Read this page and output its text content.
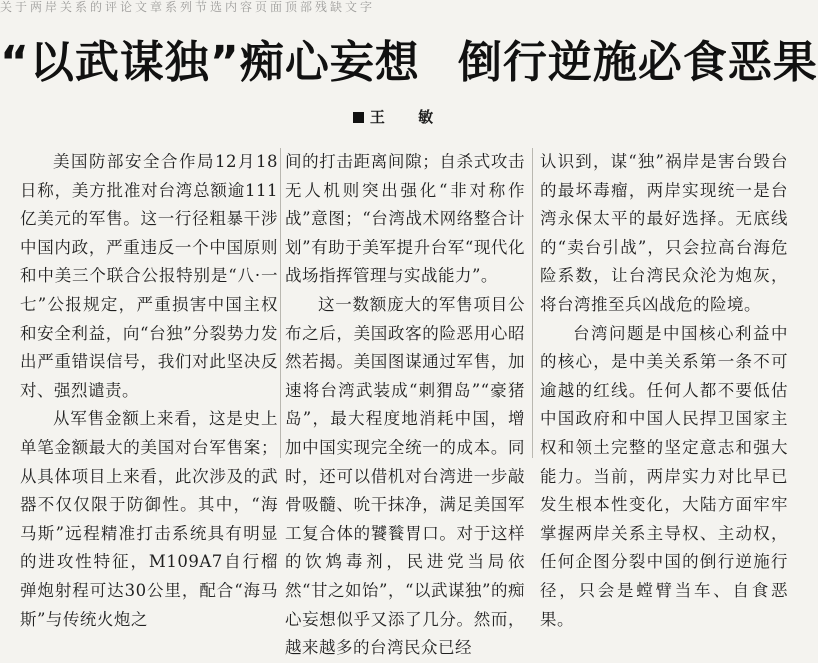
关于两岸关系的评论文章系列节选内容页面顶部残缺文字
“以武谋独”痴心妄想 倒行逆施必食恶果
王 敏

美国防部安全合作局12月18日称，美方批准对台湾总额逾111亿美元的军售。这一行径粗暴干涉中国内政，严重违反一个中国原则和中美三个联合公报特别是“八·一七”公报规定，严重损害中国主权和安全利益，向“台独”分裂势力发出严重错误信号，我们对此坚决反对、强烈谴责。

从军售金额上来看，这是史上单笔金额最大的美国对台军售案；从具体项目上来看，此次涉及的武器不仅仅限于防御性。其中，“海马斯”远程精准打击系统具有明显的进攻性特征，M109A7自行榴弹炮射程可达30公里，配合“海马斯”与传统火炮之

间的打击距离间隙；自杀式攻击无人机则突出强化“非对称作战”意图；“台湾战术网络整合计划”有助于美军提升台军“现代化战场指挥管理与实战能力”。

这一数额庞大的军售项目公布之后，美国政客的险恶用心昭然若揭。美国图谋通过军售，加速将台湾武装成“刺猬岛”“豪猪岛”，最大程度地消耗中国，增加中国实现完全统一的成本。同时，还可以借机对台湾进一步敲骨吸髓、吮干抹净，满足美国军工复合体的饕餮胃口。对于这样的饮鸩毒剂，民进党当局依然“甘之如饴”，“以武谋独”的痴心妄想似乎又添了几分。然而，越来越多的台湾民众已经

认识到，谋“独”祸岸是害台毁台的最坏毒瘤，两岸实现统一是台湾永保太平的最好选择。无底线的“卖台引战”，只会拉高台海危险系数，让台湾民众沦为炮灰，将台湾推至兵凶战危的险境。

台湾问题是中国核心利益中的核心，是中美关系第一条不可逾越的红线。任何人都不要低估中国政府和中国人民捍卫国家主权和领土完整的坚定意志和强大能力。当前，两岸实力对比早已发生根本性变化，大陆方面牢牢掌握两岸关系主导权、主动权，任何企图分裂中国的倒行逆施行径，只会是螳臂当车、自食恶果。
